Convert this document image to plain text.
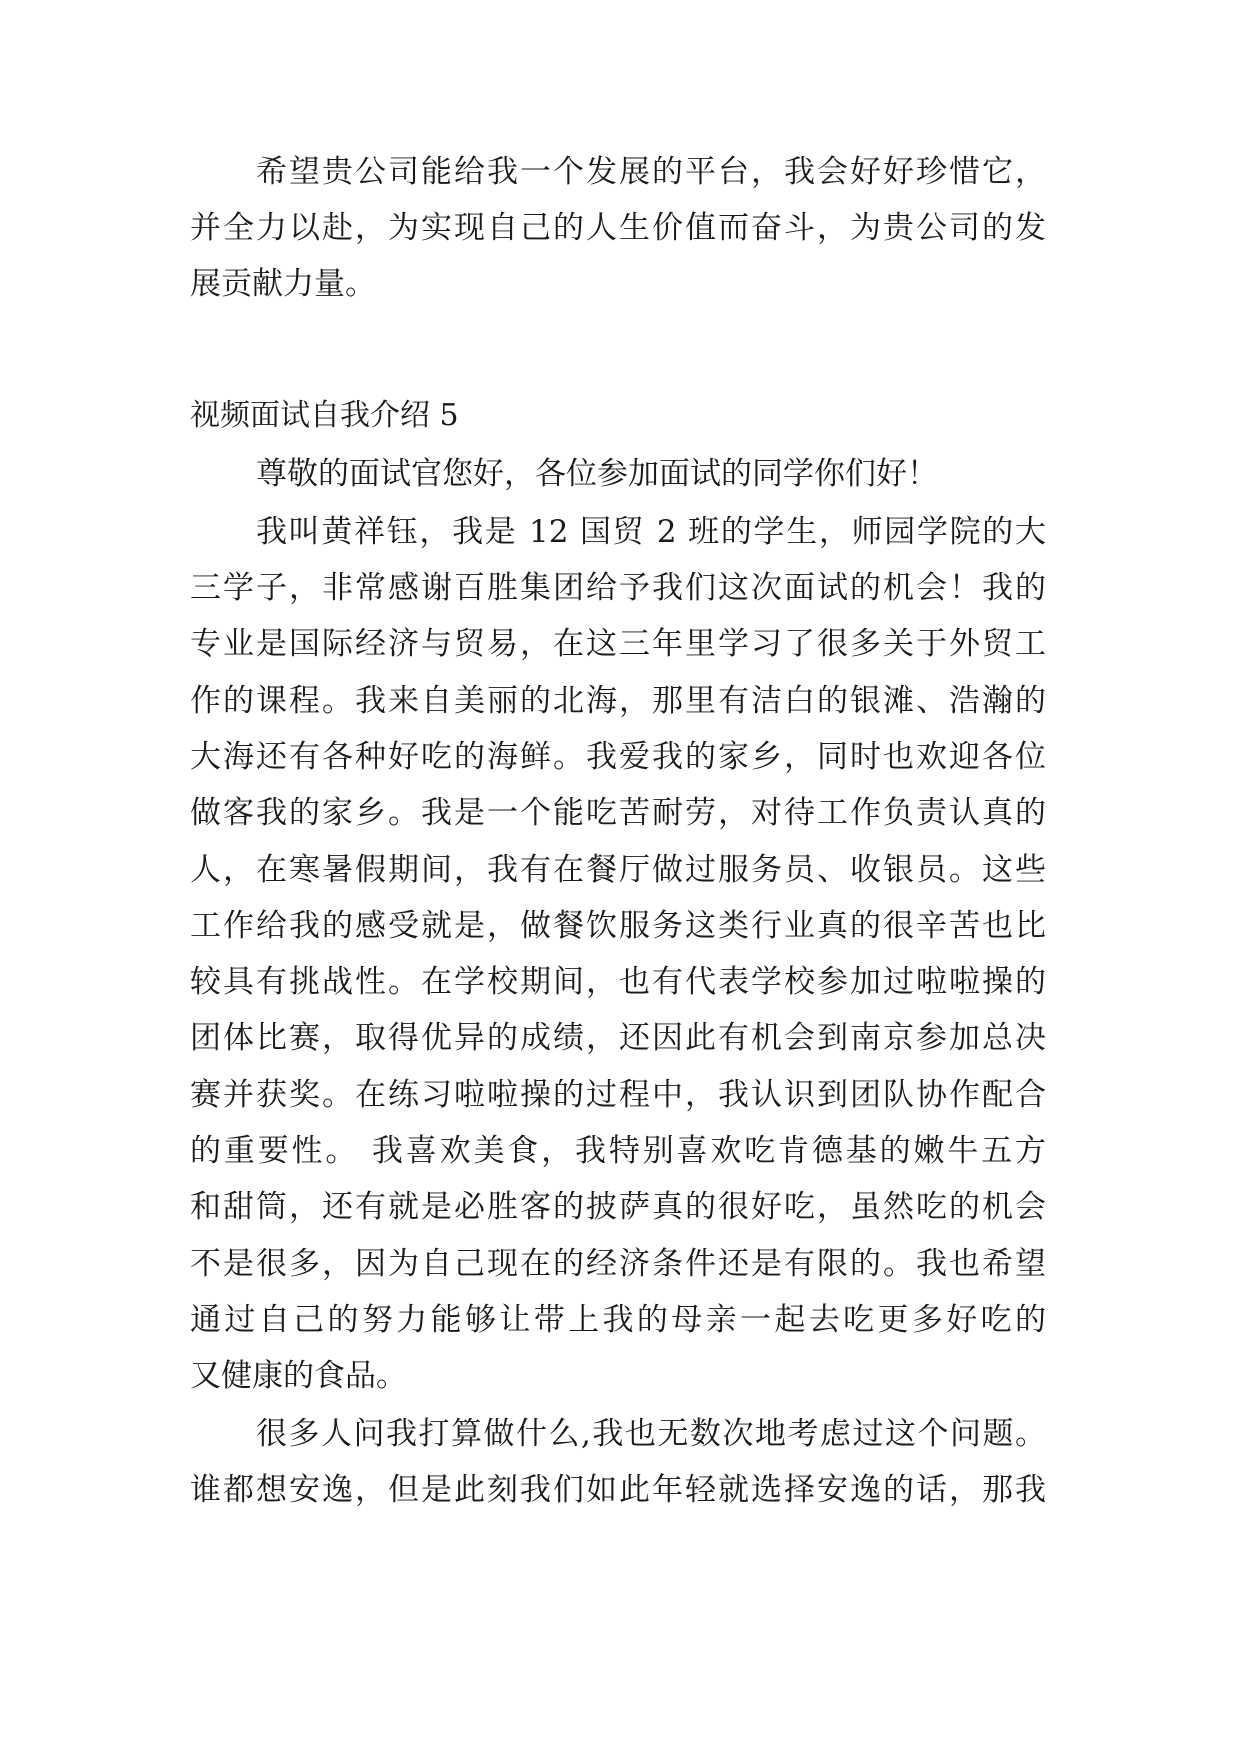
希望贵公司能给我一个发展的平台，我会好好珍惜它，
并全力以赴，为实现自己的人生价值而奋斗，为贵公司的发
展贡献力量。
视频面试自我介绍 5
尊敬的面试官您好，各位参加面试的同学你们好！
我叫黄祥钰，我是 12 国贸 2 班的学生，师园学院的大
三学子，非常感谢百胜集团给予我们这次面试的机会！我的
专业是国际经济与贸易，在这三年里学习了很多关于外贸工
作的课程。我来自美丽的北海，那里有洁白的银滩、浩瀚的
大海还有各种好吃的海鲜。我爱我的家乡，同时也欢迎各位
做客我的家乡。我是一个能吃苦耐劳，对待工作负责认真的
人，在寒暑假期间，我有在餐厅做过服务员、收银员。这些
工作给我的感受就是，做餐饮服务这类行业真的很辛苦也比
较具有挑战性。在学校期间，也有代表学校参加过啦啦操的
团体比赛，取得优异的成绩，还因此有机会到南京参加总决
赛并获奖。在练习啦啦操的过程中，我认识到团队协作配合
的重要性。 我喜欢美食，我特别喜欢吃肯德基的嫩牛五方
和甜筒，还有就是必胜客的披萨真的很好吃，虽然吃的机会
不是很多，因为自己现在的经济条件还是有限的。我也希望
通过自己的努力能够让带上我的母亲一起去吃更多好吃的
又健康的食品。
很多人问我打算做什么,我也无数次地考虑过这个问题。
谁都想安逸，但是此刻我们如此年轻就选择安逸的话，那我
